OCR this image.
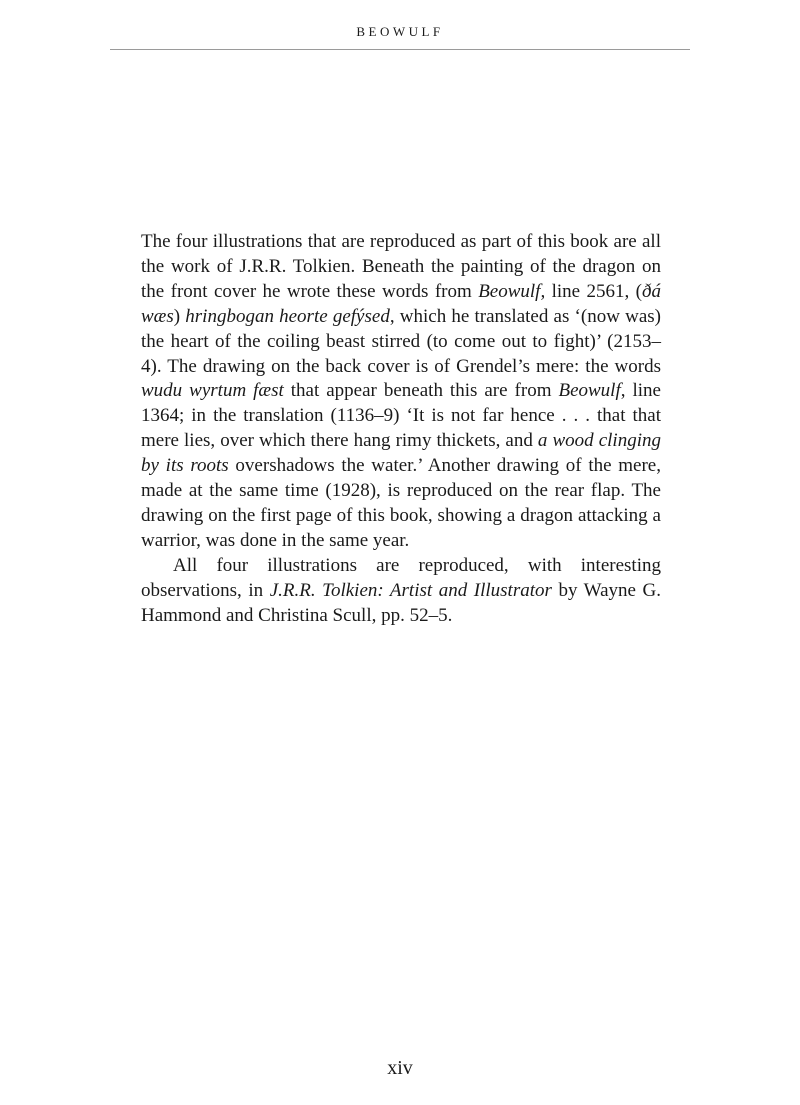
BEOWULF

The four illustrations that are reproduced as part of this book are all the work of J.R.R. Tolkien. Beneath the painting of the dragon on the front cover he wrote these words from Beowulf, line 2561, (ðá wæs) hringbogan heorte gefýsed, which he translated as ‘(now was) the heart of the coiling beast stirred (to come out to fight)’ (2153–4). The drawing on the back cover is of Grendel’s mere: the words wudu wyrtum fæst that appear beneath this are from Beowulf, line 1364; in the translation (1136–9) ‘It is not far hence . . . that that mere lies, over which there hang rimy thickets, and a wood clinging by its roots overshadows the water.’ Another drawing of the mere, made at the same time (1928), is reproduced on the rear flap. The drawing on the first page of this book, showing a dragon attacking a warrior, was done in the same year.

All four illustrations are reproduced, with interesting observations, in J.R.R. Tolkien: Artist and Illustrator by Wayne G. Hammond and Christina Scull, pp. 52–5.

xiv
